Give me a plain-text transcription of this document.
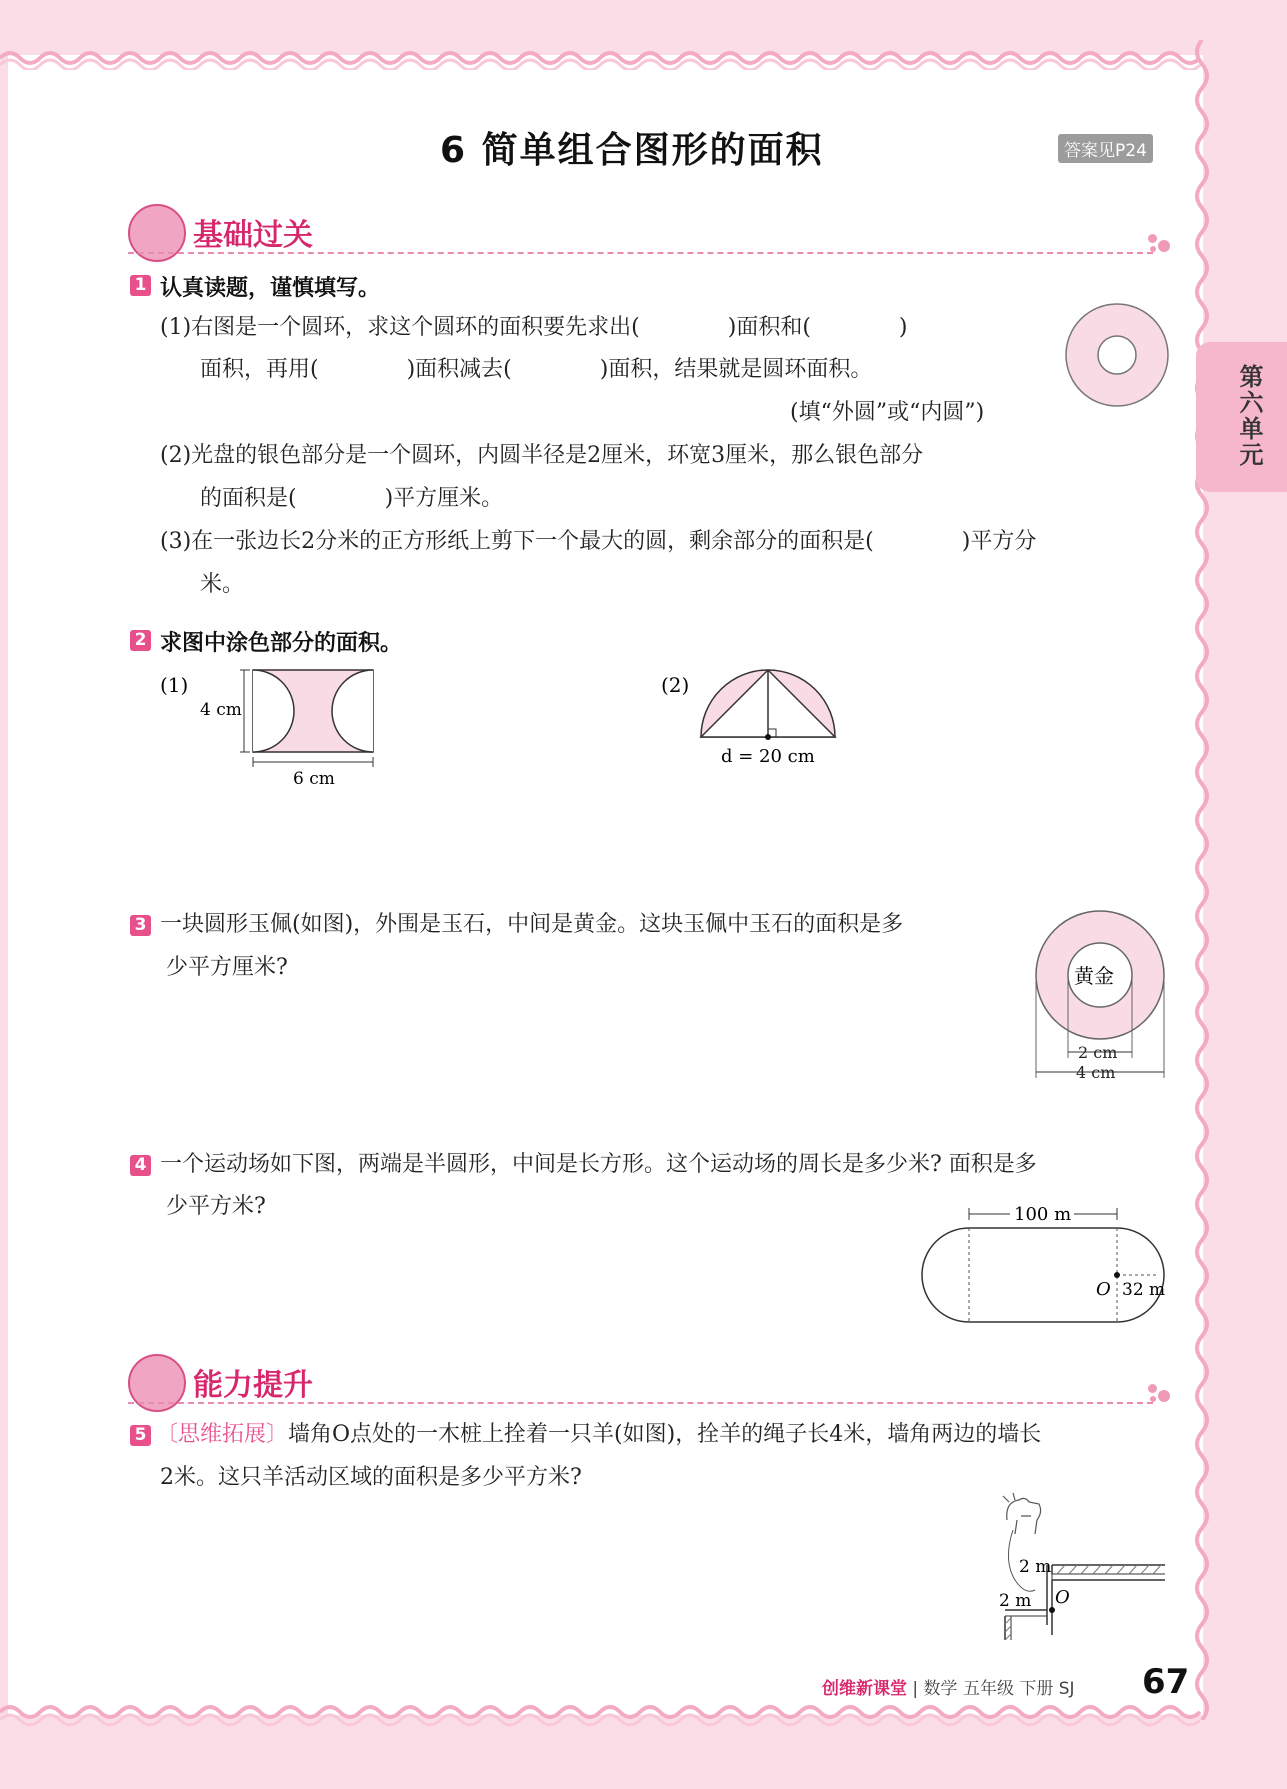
6 简单组合图形的面积	答案见P24
第六单元
基础过关
1 认真读题，谨慎填写。
(1)右图是一个圆环，求这个圆环的面积要先求出(　　　　)面积和(　　　　)
面积，再用(　　　　)面积减去(　　　　)面积，结果就是圆环面积。
(填“外圆”或“内圆”)
(2)光盘的银色部分是一个圆环，内圆半径是2厘米，环宽3厘米，那么银色部分
的面积是(　　　　)平方厘米。
(3)在一张边长2分米的正方形纸上剪下一个最大的圆，剩余部分的面积是(　　　　)平方分
米。
2 求图中涂色部分的面积。
(1)
4 cm
6 cm
(2)
d = 20 cm
3 一块圆形玉佩(如图)，外围是玉石，中间是黄金。这块玉佩中玉石的面积是多
少平方厘米?	黄金
2 cm
4 cm
4 一个运动场如下图，两端是半圆形，中间是长方形。这个运动场的周长是多少米? 面积是多
少平方米?	100 m
O 32 m
能力提升
5 〔思维拓展〕墙角O点处的一木桩上拴着一只羊(如图)，拴羊的绳子长4米，墙角两边的墙长
2米。这只羊活动区域的面积是多少平方米?
2 m
2 m O
创维新课堂 | 数学 五年级 下册 SJ 67
